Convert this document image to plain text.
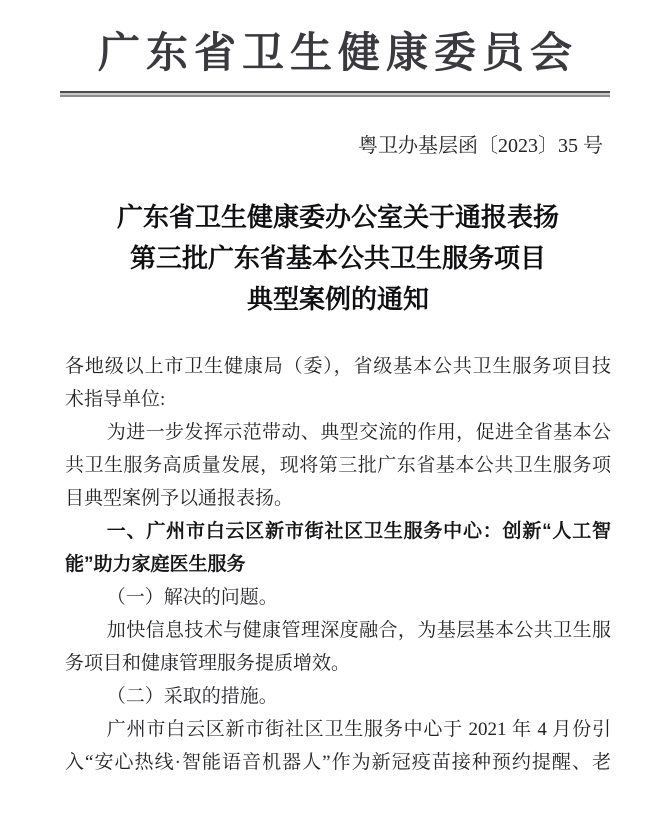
广东省卫生健康委员会
粤卫办基层函〔2023〕35 号
广东省卫生健康委办公室关于通报表扬
第三批广东省基本公共卫生服务项目
典型案例的通知
各地级以上市卫生健康局（委），省级基本公共卫生服务项目技
术指导单位:
为进一步发挥示范带动、典型交流的作用，促进全省基本公
共卫生服务高质量发展，现将第三批广东省基本公共卫生服务项
目典型案例予以通报表扬。
一、广州市白云区新市街社区卫生服务中心：创新“人工智
能”助力家庭医生服务
（一）解决的问题。
加快信息技术与健康管理深度融合，为基层基本公共卫生服
务项目和健康管理服务提质增效。
（二）采取的措施。
广州市白云区新市街社区卫生服务中心于 2021 年 4 月份引
入“安心热线·智能语音机器人”作为新冠疫苗接种预约提醒、老
